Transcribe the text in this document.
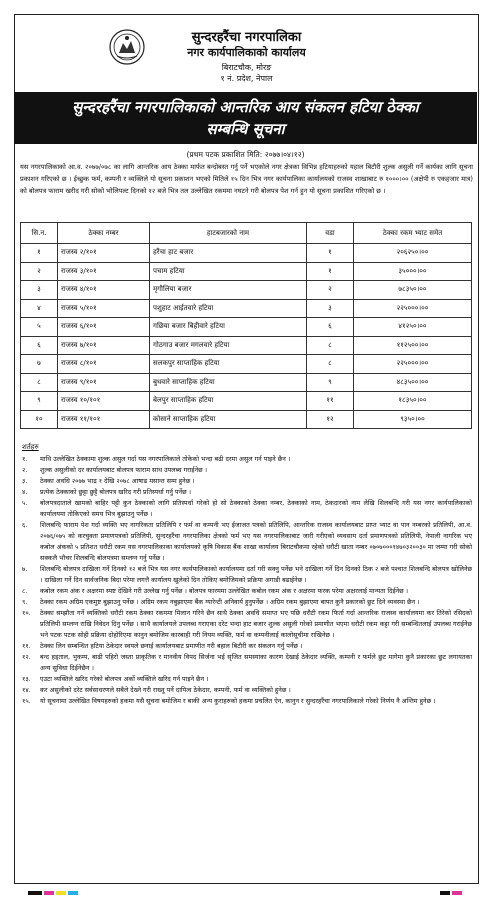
सुन्दरहरैंचा नगरपालिका
नगर कार्यपालिकाको कार्यालय
बिराटचौक, मोरङ
१ नं. प्रदेश, नेपाल
सुन्दरहरैंचा नगरपालिकाको आन्तरिक आय संकलन हटिया ठेक्का
सम्बन्धि सूचना
(प्रथम पटक प्रकाशित मिति: २०७७।०४।१२)
यस नगरपालिकाको आ.व. २०७७/०७८ का लागि आन्तरिक आय ठेक्का मार्फत बन्दोबस्त गर्नु पर्ने भएकोले नगर क्षेत्रका विभिन्न हटियाहरुको यहाल बिटौरी शुल्क असुली गर्ने कार्यका लागि सूचना प्रकाशन गरिएको छ । ईच्छुक फर्म, कम्पनी र व्यक्तिले यो सूचना प्रकाशन भएको मितिले १५ दिन भित्र नगर कार्यपालिका कार्यालयको राजस्व शाखाबाट रु १०००।०० (अक्षेपी रु एकहजार मात्र) को बोलपत्र फाराम खरीद गरी सोको भोलिपल्ट दिनको १२ बजे भित्र तल उल्लेखित रकममा नघटने गरी बोलपत्र पेश गर्न हुन यो सूचना प्रकाशित गरिएको छ ।
सि.न.	ठेक्का नम्बर	हाटबजारको नाम	वडा	ठेक्का रकम भ्याट समेत
१	राजस्व २/१०१	हरैंचा हाट बजार	१	२०६२५०।००
२	राजस्व ३/१०१	पचाम हटिया	१	३५०००।००
३	राजस्व ४/१०१	मृगौलिया बजार	२	७८३५०।००
४	राजस्व ५/१०१	पशुहाट आईतवारे हटिया	३	२२५०००।००
५	राजस्व ६/१०१	गछिया बजार बिहीवारे हटिया	६	४१२५०।००
६	राजस्व ७/१०१	गोठगाउ बजार मगलवारे हटिया	८	११२५००।००
७	राजस्व ८/१०१	सलकपुर साप्ताहिक हटिया	८	२२५०००।००
८	राजस्व ९/१०१	बुधवारे साप्ताहिक हटिया	९	४८३५००।००
९	राजस्व १०/१०१	बेलपुर साप्ताहिक हटिया	११	१८३५०।००
१०	राजस्व ११/१०१	कोसाने साप्ताहिक हटिया	१२	९३५०।००
शर्तहरु
१.	माथि उल्लेखित ठेक्कामा शुल्क असुल गर्दा यस नगरपालिकाले तोकेको भन्दा बढी दरमा असुल गर्न पाइने छैन ।
२.	शुल्क असुलीको दर कार्यालयबाट बोलपत्र फाराम साथ उपलब्ध गराईनेछ ।
३.	ठेक्का अवधि २०७७ भाद्र १ देखि २०७८ आषाढ मसान्त सम्म हुनेछ ।
४.	प्रत्येक ठेक्काको छुट्टा छुट्टै बोलपत्र खरिद गरी प्रतिस्पर्धा गर्नु पर्नेछ ।
५.	बोलपत्रदाताले खामको बाहिर पट्टी कुन ठेक्काको लागि प्रतिस्पर्धा गरेको हो सो ठेक्काको ठेक्का नम्बर, ठेक्काको नाम, ठेकदारको नाम लेखि शिलबन्दि गरी यस नगर कार्यपालिकाको कार्यालयमा तोकिएको समय भित्र बुझाउनु पर्नेछ ।
६.	शिलबन्दि फाराम पेश गर्दा व्यक्ति भए नागरिकता प्रतिलिपि र फर्म वा कम्पनी भए ईजाजत पत्रको प्रतिलिपि, आन्तरिक राजस्व कार्यालयबाट प्राप्त भ्याट वा पान नम्बरको प्रतिलिपी, आ.व. २०७६/०७५ को करचुक्ता प्रमाणपत्रको प्रतिलिपी, सुन्दरहरैंचा नगरपालिका क्षेत्रको फर्म भए यस नगरपालिकाबाट जारी गरीएको व्यवसाय दर्ता प्रमाणपत्रको प्रतिलिपी, नेपाली नागरिक भए कबोल अंकको ५ प्रतिशत धरौटी रकम यस नगरपालिकाका कार्यालयको कृषि विकास बैंक शाखा कार्यालय बिराटचौकमा रहेको धरौटी खाता नम्बर ०७०७०००१४७०३२००३० मा जम्मा गरी सोको सक्कलै भौचर शिलबन्दि बोलपत्रमा सम्लग्न गर्नु पर्नेछ ।
७.	शिलबन्दि बोलपत्र दाखिला गर्ने दिनको १२ बजे भित्र यस नगर कार्यपालिकाको कार्यालयमा दर्ता गरी सक्नु पर्नेछ भने दाखिला गर्ने दिन दिनको ठिक २ बजे पश्चात शिलबन्दि बोलपत्र खोलिनेछ । दाखिला गर्ने दिन सार्वजनिक बिदा परेमा लगत्तै कार्यालय खुलेको दिन तोकिए बमोजिमको प्रक्रिया अगाडी बढाईनेछ ।
८.	कबोल रकम अंक र अक्षरमा स्पष्ट देखिने गरी उल्लेख गर्नु पर्नेछ । बोलपत्र फारममा उल्लेखित कबोल रकम अंक र अक्षरमा फरक परेमा अक्षरलाई मान्यता दिईनेछ ।
९.	ठेक्का रकम अग्रिम एकमुष्ट बुझाउनु पर्नेछ । अग्रिम रकम नबुझाएमा बैंक ग्यारेन्टी अनिवार्य हुनुपर्नेछ । अग्रिम रकम बुझाएमा बापत कुनै प्रकारको छुट दिने व्यवस्था छैन ।
१०.	ठेक्का सम्झौता गर्ने व्यक्तिको धरौटी रकम ठेक्का रकममा मिलान गरिने छैन साथै ठेक्का अवधि समाप्त भए पछि धरौटी रकम फिर्ता गर्दा आन्तरिक राजस्व कार्यालयमा कर तिरेको रसिदको प्रतिलिपी सम्लग्न राखि निवेदन दिनु पर्नेछ । साथै कार्यालयले उपलब्ध गराएका दरेट भन्दा हाट बजार शुल्क असुली गरेको प्रमाणीत भएमा धरौटी रकम कट्टा गरी सम्बन्धितलाई उपलब्ध गराईनेछ भने पटक पटक सोही प्रक्रिया दोहोरिएमा कानुन बमोजिम कारबाही गरी नियम व्यक्ति, फर्म वा कम्पनीलाई कालोसूचीमा राखिनेछ ।
११.	ठेक्का लिन सम्बन्धित हटिया ठेकेदार स्वयले छनाई कार्यालयबाट प्रमाणीत गरी बहाल बिटौरी कर संकलन गर्नु पर्नेछ ।
१२.	बन्द हड्ताल, भुकम्प, बाढी पहिरो जस्ता प्राकृतिक र मानवीय विपद सिर्जना भई सृजित समस्याका कारण देखाई ठेकेदार व्यक्ति, कम्पनी र फर्मले छुट मागेमा कुनै प्रकारका छुट लगायतका अन्य सुविधा दिईनेछैन ।
१३.	एउटा व्यक्तिले खरिद गरेको बोलपत्र अर्को व्यक्तिले खरिद गर्न पाइने छैन ।
१४.	कर असुलीको दरेट सर्वसाधरणले सबैले देख्ने गरी राख्नु पर्ने दायित्व ठेकेदार, कम्पनी, फर्म वा व्यक्तिको हुनेछ ।
१५.	यो सूचनामा उल्लेखित विषयहरुको हकमा यसै सूचना बमोजिम र बाकी अन्य कुराहरुको हकमा प्रचलित ऐन, कानुन र सुन्दरहरैंचा नगरपालिकाले गरेको निर्णय नै अन्तिम हुनेछ ।
